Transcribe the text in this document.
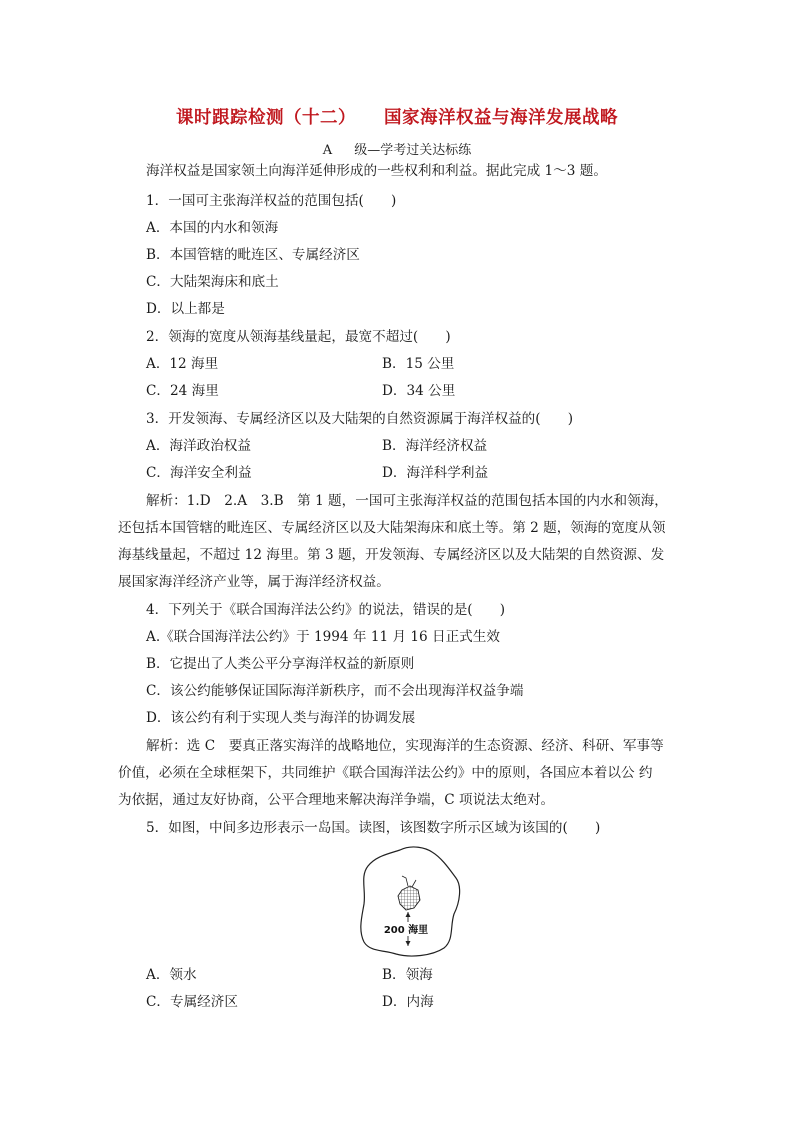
课时跟踪检测（十二） 国家海洋权益与海洋发展战略
A 级—学考过关达标练
海洋权益是国家领土向海洋延伸形成的一些权利和利益。据此完成 1～3 题。
1．一国可主张海洋权益的范围包括(　　)
A．本国的内水和领海
B．本国管辖的毗连区、专属经济区
C．大陆架海床和底土
D．以上都是
2．领海的宽度从领海基线量起，最宽不超过(　　)
A．12 海里	B．15 公里
C．24 海里	D．34 公里
3．开发领海、专属经济区以及大陆架的自然资源属于海洋权益的(　　)
A．海洋政治权益	B．海洋经济权益
C．海洋安全利益	D．海洋科学利益
解析：1.D　2.A　3.B　第 1 题，一国可主张海洋权益的范围包括本国的内水和领海，
还包括本国管辖的毗连区、专属经济区以及大陆架海床和底土等。第 2 题，领海的宽度从领
海基线量起，不超过 12 海里。第 3 题，开发领海、专属经济区以及大陆架的自然资源、发
展国家海洋经济产业等，属于海洋经济权益。
4．下列关于《联合国海洋法公约》的说法，错误的是(　　)
A.《联合国海洋法公约》于 1994 年 11 月 16 日正式生效
B．它提出了人类公平分享海洋权益的新原则
C．该公约能够保证国际海洋新秩序，而不会出现海洋权益争端
D．该公约有利于实现人类与海洋的协调发展
解析：选 C　要真正落实海洋的战略地位，实现海洋的生态资源、经济、科研、军事等
价值，必须在全球框架下，共同维护《联合国海洋法公约》中的原则，各国应本着以公 约
为依据，通过友好协商，公平合理地来解决海洋争端，C 项说法太绝对。
5．如图，中间多边形表示一岛国。读图，该图数字所示区域为该国的(　　)
200 海里
A．领水	B．领海
C．专属经济区	D．内海
